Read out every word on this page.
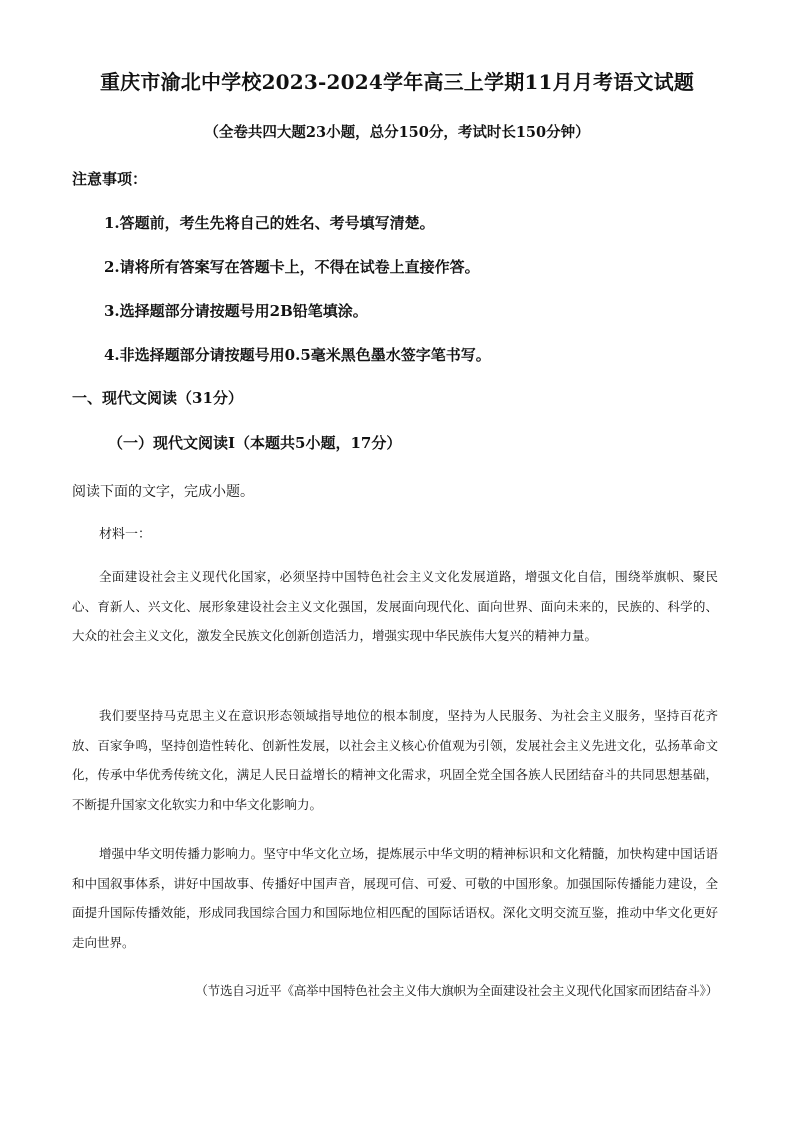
重庆市渝北中学校2023-2024学年高三上学期11月月考语文试题
（全卷共四大题23小题，总分150分，考试时长150分钟）
注意事项：
1.答题前，考生先将自己的姓名、考号填写清楚。
2.请将所有答案写在答题卡上，不得在试卷上直接作答。
3.选择题部分请按题号用2B铅笔填涂。
4.非选择题部分请按题号用0.5毫米黑色墨水签字笔书写。
一、现代文阅读（31分）
（一）现代文阅读Ⅰ（本题共5小题，17分）
阅读下面的文字，完成小题。
材料一：
全面建设社会主义现代化国家，必须坚持中国特色社会主义文化发展道路，增强文化自信，围绕举旗帜、聚民心、育新人、兴文化、展形象建设社会主义文化强国，发展面向现代化、面向世界、面向未来的，民族的、科学的、大众的社会主义文化，激发全民族文化创新创造活力，增强实现中华民族伟大复兴的精神力量。
我们要坚持马克思主义在意识形态领域指导地位的根本制度，坚持为人民服务、为社会主义服务，坚持百花齐放、百家争鸣，坚持创造性转化、创新性发展，以社会主义核心价值观为引领，发展社会主义先进文化，弘扬革命文化，传承中华优秀传统文化，满足人民日益增长的精神文化需求，巩固全党全国各族人民团结奋斗的共同思想基础，不断提升国家文化软实力和中华文化影响力。
增强中华文明传播力影响力。坚守中华文化立场，提炼展示中华文明的精神标识和文化精髓，加快构建中国话语和中国叙事体系，讲好中国故事、传播好中国声音，展现可信、可爱、可敬的中国形象。加强国际传播能力建设，全面提升国际传播效能，形成同我国综合国力和国际地位相匹配的国际话语权。深化文明交流互鉴，推动中华文化更好走向世界。
（节选自习近平《高举中国特色社会主义伟大旗帜为全面建设社会主义现代化国家而团结奋斗》）
